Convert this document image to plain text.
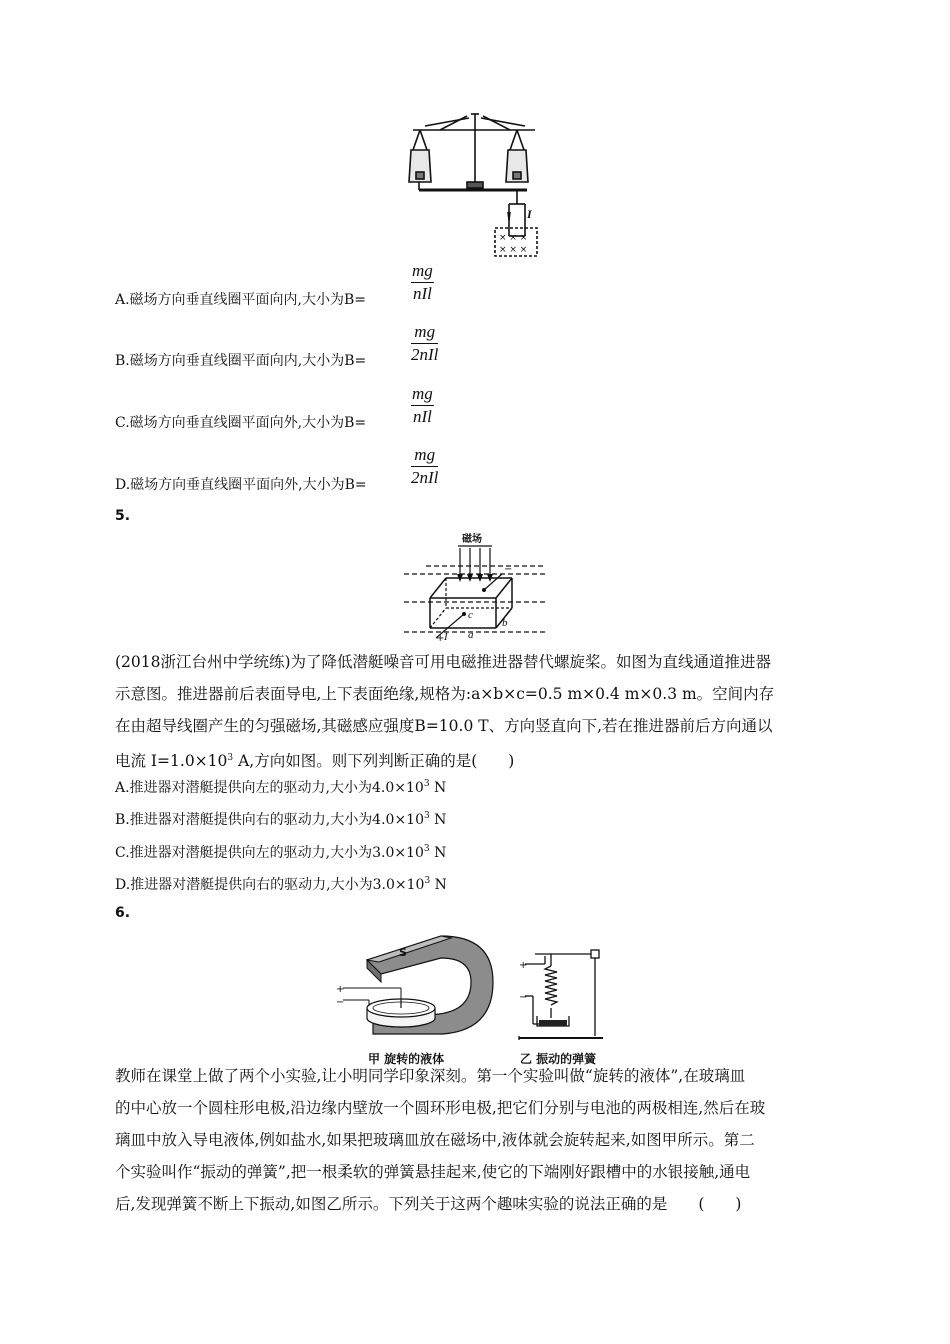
× × ×
× × ×
I
A.磁场方向垂直线圈平面向内,大小为B=
mg
nIl
B.磁场方向垂直线圈平面向内,大小为B=
mg
2nIl
C.磁场方向垂直线圈平面向外,大小为B=
mg
nIl
D.磁场方向垂直线圈平面向外,大小为B=
mg
2nIl
5.
磁场
c
a
b
I
+
−
(2018浙江台州中学统练)为了降低潜艇噪音可用电磁推进器替代螺旋桨。如图为直线通道推进器
示意图。推进器前后表面导电,上下表面绝缘,规格为:a×b×c=0.5 m×0.4 m×0.3 m。空间内存
在由超导线圈产生的匀强磁场,其磁感应强度B=10.0 T、方向竖直向下,若在推进器前后方向通以
电流 $I=1.0\times 10^3$ A,方向如图。则下列判断正确的是(　　)
A.推进器对潜艇提供向左的驱动力,大小为$4.0\times 10^3$ N
B.推进器对潜艇提供向右的驱动力,大小为$4.0\times 10^3$ N
C.推进器对潜艇提供向左的驱动力,大小为$3.0\times 10^3$ N
D.推进器对潜艇提供向右的驱动力,大小为$3.0\times 10^3$ N
6.
S
+
−
+
−
甲 旋转的液体	乙 振动的弹簧
教师在课堂上做了两个小实验,让小明同学印象深刻。第一个实验叫做“旋转的液体”,在玻璃皿
的中心放一个圆柱形电极,沿边缘内壁放一个圆环形电极,把它们分别与电池的两极相连,然后在玻
璃皿中放入导电液体,例如盐水,如果把玻璃皿放在磁场中,液体就会旋转起来,如图甲所示。第二
个实验叫作“振动的弹簧”,把一根柔软的弹簧悬挂起来,使它的下端刚好跟槽中的水银接触,通电
后,发现弹簧不断上下振动,如图乙所示。下列关于这两个趣味实验的说法正确的是　　(　　)
